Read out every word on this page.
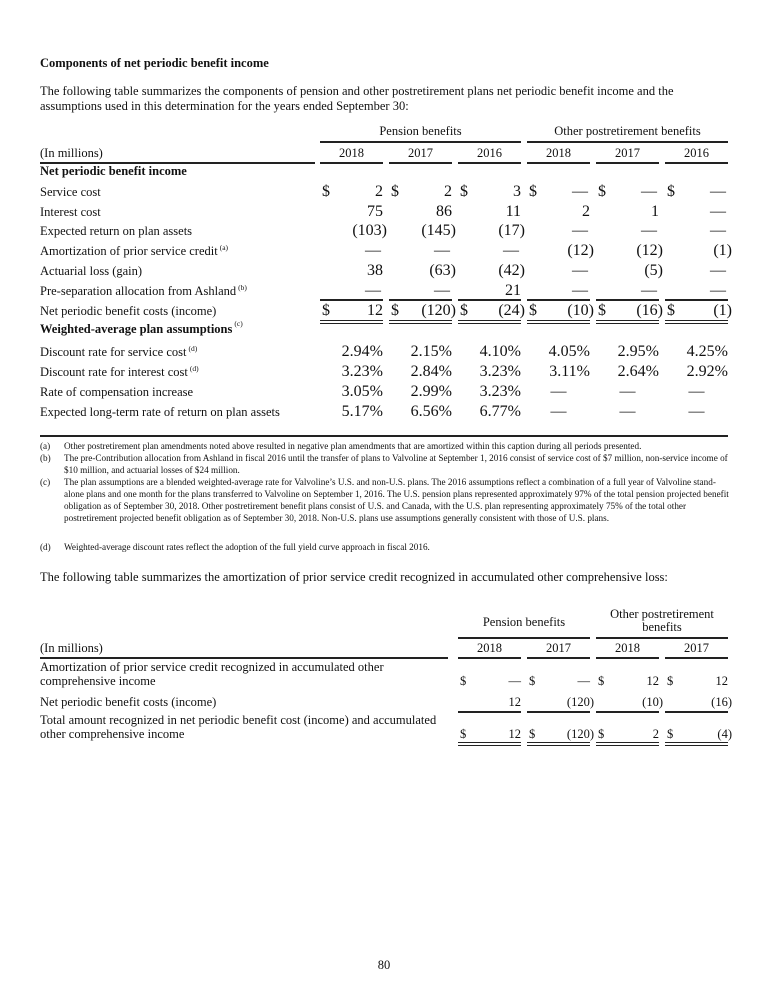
Components of net periodic benefit income
The following table summarizes the components of pension and other postretirement plans net periodic benefit income and the assumptions used in this determination for the years ended September 30:
Pension benefits	Other postretirement benefits
(In millions)	2018	2017	2016	2018	2017	2016
Net periodic benefit income
Service cost	$	2 $	2 $	3 $ — $ — $ —
Interest cost	75	86	11	2	1	—
Expected return on plan assets	(103) (145)	(17)	—	—	—
Amortization of prior service credit $^{(a)}$	—	—	—	(12)	(12)	(1)
Actuarial loss (gain)	38	(63)	(42)	—	(5)	—
Pre-separation allocation from Ashland $^{(b)}$	—	—	21	—	—	—
Net periodic benefit costs (income)	$ 12 $ (120) $ (24) $ (10) $ (16) $ (1)
Weighted-average plan assumptions $^{(c)}$
Discount rate for service cost $^{(d)}$	2.94% 2.15% 4.10% 4.05% 2.95% 4.25%
Discount rate for interest cost $^{(d)}$	3.23% 2.84% 3.23% 3.11% 2.64% 2.92%
Rate of compensation increase	3.05% 2.99% 3.23%	—	—	—
Expected long-term rate of return on plan assets	5.17% 6.56% 6.77%	—	—	—
(a) Other postretirement plan amendments noted above resulted in negative plan amendments that are amortized within this caption during all periods presented.
(b) The pre-Contribution allocation from Ashland in fiscal 2016 until the transfer of plans to Valvoline at September 1, 2016 consist of service cost of $7 million, non-service income of $10 million, and actuarial losses of $24 million.
(c) The plan assumptions are a blended weighted-average rate for Valvoline’s U.S. and non-U.S. plans. The 2016 assumptions reflect a combination of a full year of Valvoline stand-alone plans and one month for the plans transferred to Valvoline on September 1, 2016. The U.S. pension plans represented approximately 97% of the total pension projected benefit obligation as of September 30, 2018. Other postretirement benefit plans consist of U.S. and Canada, with the U.S. plan representing approximately 75% of the total other postretirement projected benefit obligation as of September 30, 2018. Non-U.S. plans use assumptions generally consistent with those of U.S. plans.
(d) Weighted-average discount rates reflect the adoption of the full yield curve approach in fiscal 2016.
The following table summarizes the amortization of prior service credit recognized in accumulated other comprehensive loss:
Pension benefits
Other postretirement benefits
(In millions)	2018	2017	2018	2017
Amortization of prior service credit recognized in accumulated other
comprehensive income	$	— $	— $	12 $	12
Net periodic benefit costs (income)	12	(120)	(10)	(16)
Total amount recognized in net periodic benefit cost (income) and accumulated
other comprehensive income	$	12 $	(120) $	2 $	(4)
80
